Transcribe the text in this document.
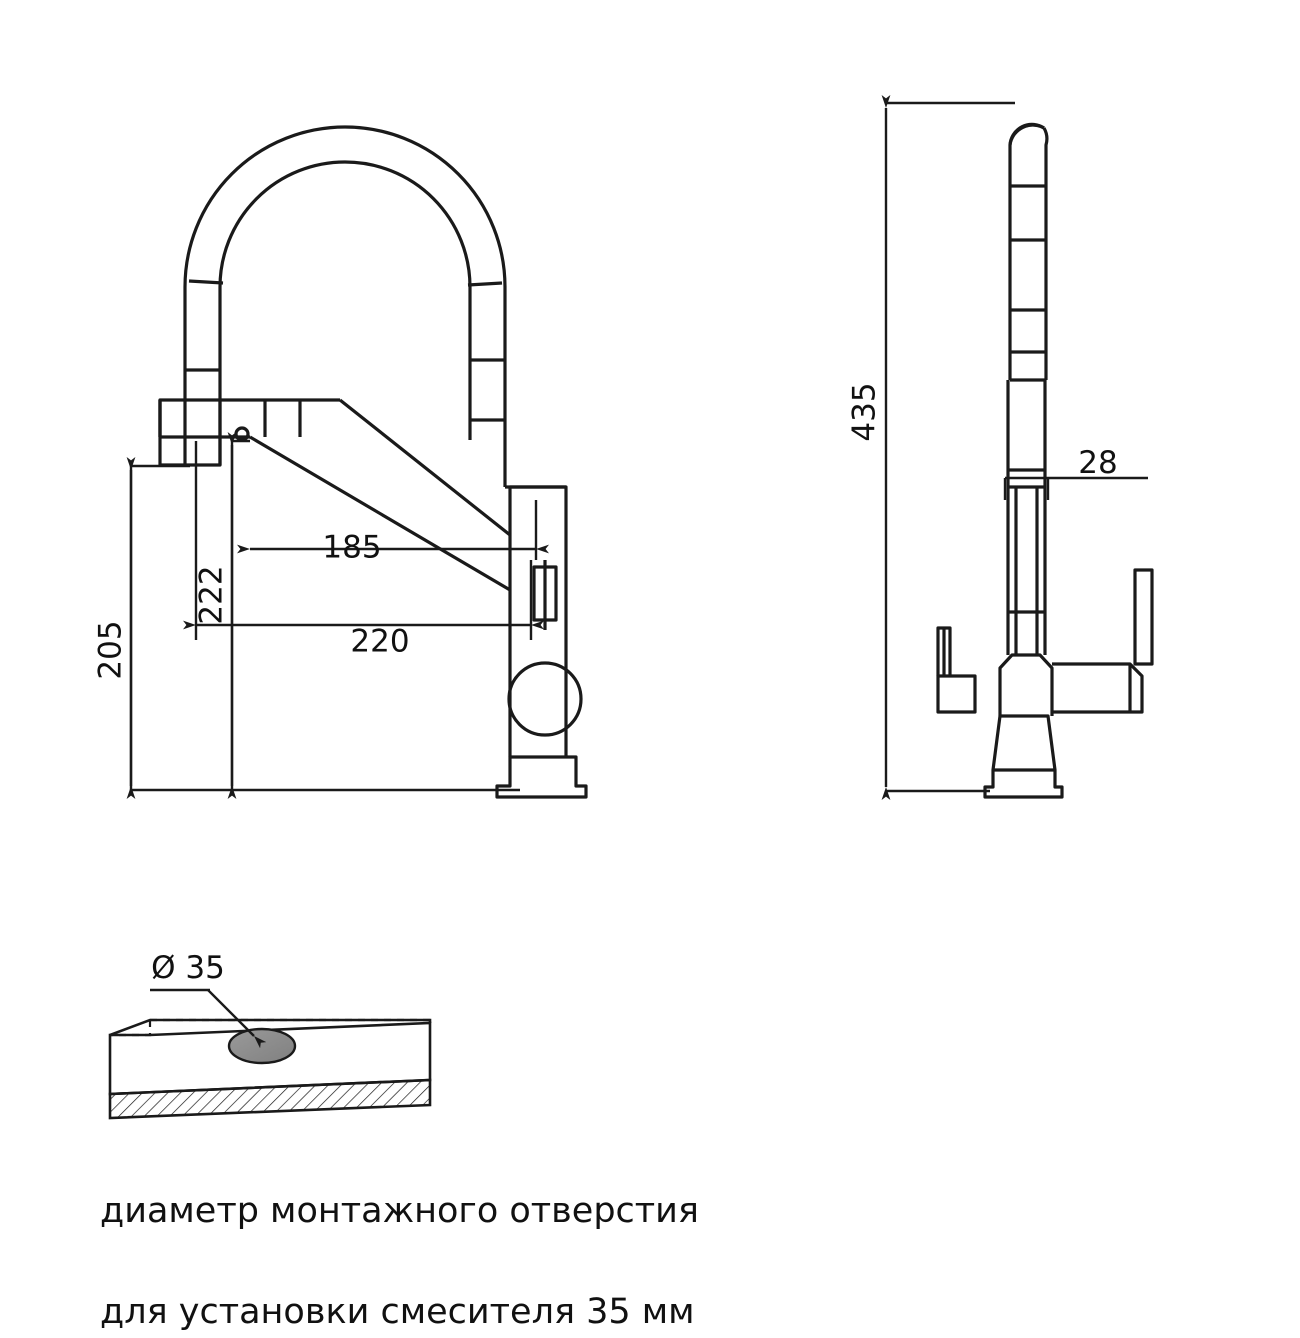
185
222
220
205
435
28
Ø 35

диаметр монтажного отверстия

для установки смесителя 35 мм
